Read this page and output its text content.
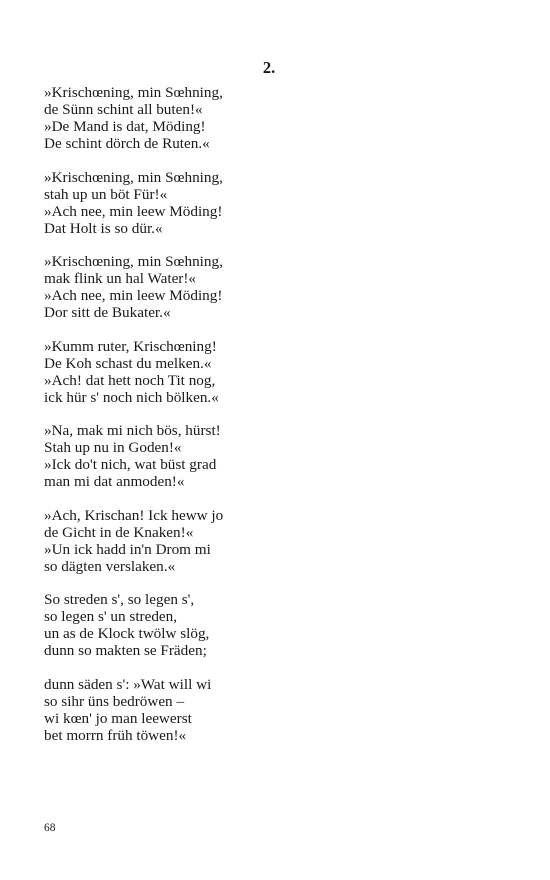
2.
»Krischœning, min Sœhning,
de Sünn schint all buten!«
»De Mand is dat, Möding!
De schint dörch de Ruten.«
»Krischœning, min Sœhning,
stah up un böt Für!«
»Ach nee, min leew Möding!
Dat Holt is so dür.«
»Krischœning, min Sœhning,
mak flink un hal Water!«
»Ach nee, min leew Möding!
Dor sitt de Bukater.«
»Kumm ruter, Krischœning!
De Koh schast du melken.«
»Ach! dat hett noch Tit nog,
ick hür s' noch nich bölken.«
»Na, mak mi nich bös, hürst!
Stah up nu in Goden!«
»Ick do't nich, wat büst grad
man mi dat anmoden!«
»Ach, Krischan! Ick heww jo
de Gicht in de Knaken!«
»Un ick hadd in'n Drom mi
so dägten verslaken.«
So streden s', so legen s',
so legen s' un streden,
un as de Klock twölw slög,
dunn so makten se Fräden;
dunn säden s': »Wat will wi
so sihr üns bedröwen –
wi kœn' jo man leewerst
bet morrn früh töwen!«
68
